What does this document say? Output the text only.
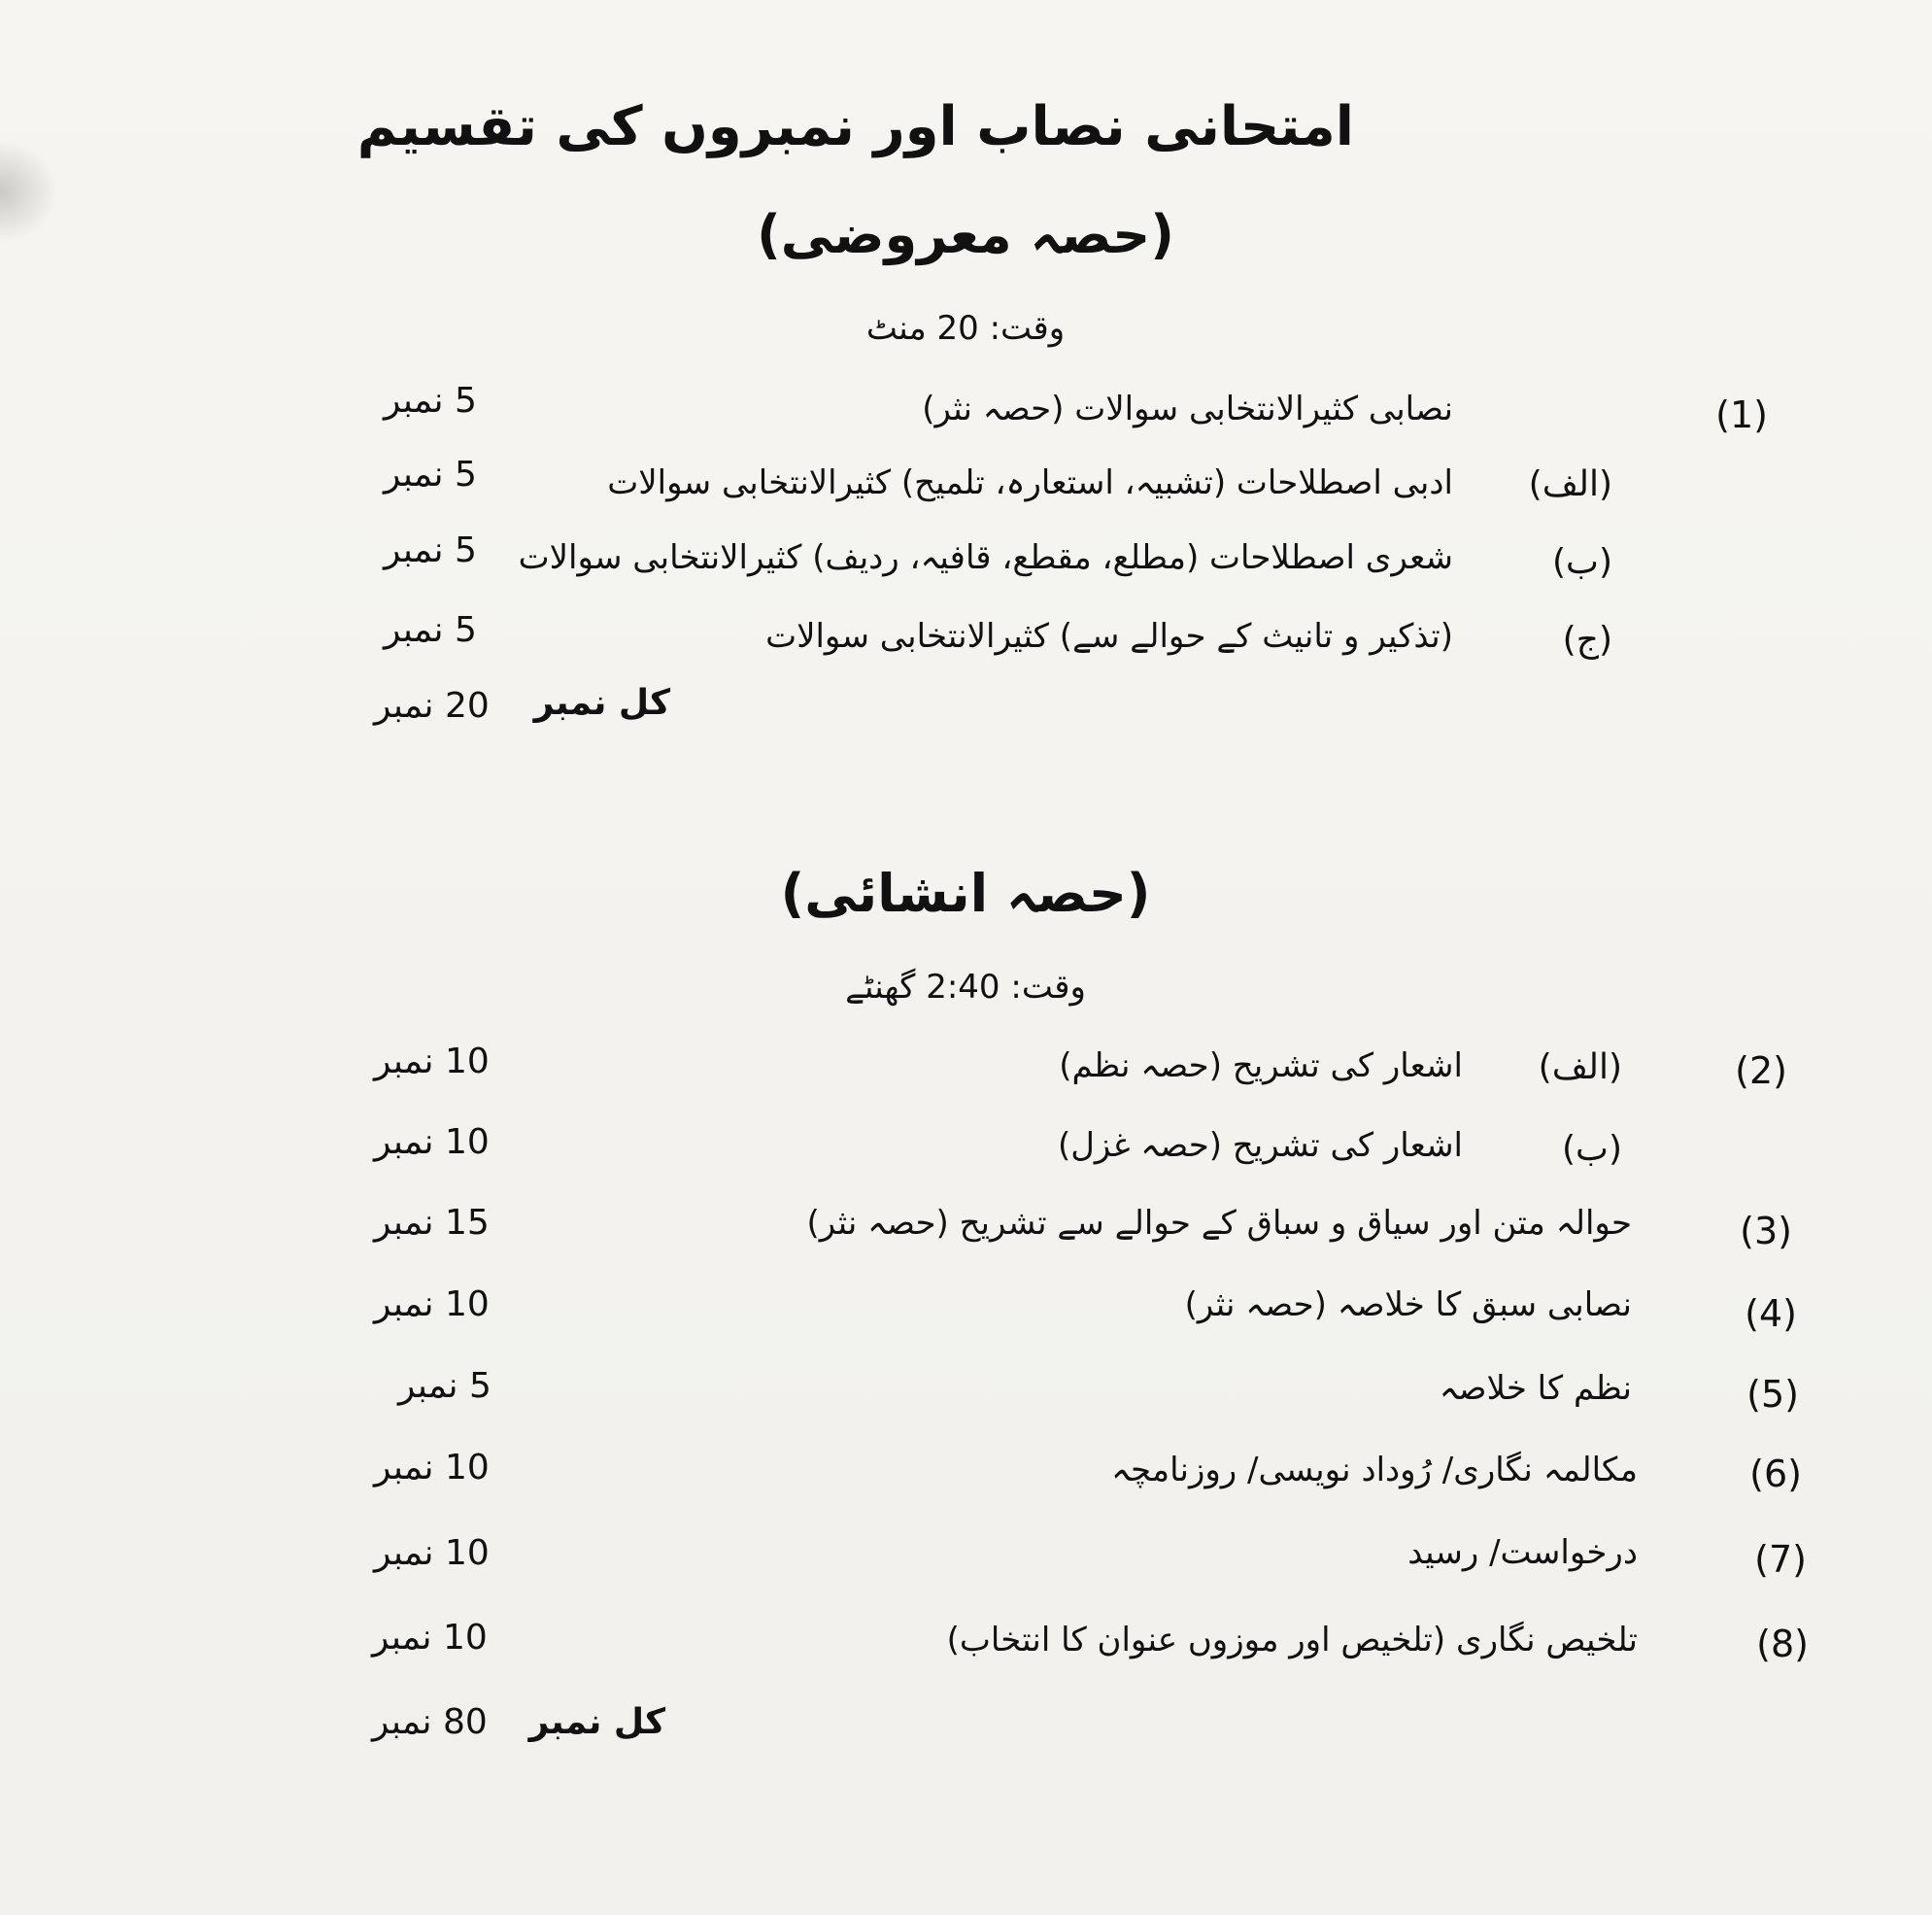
امتحانی نصاب اور نمبروں کی تقسیم
(حصہ معروضی)
وقت: 20 منٹ
(1)
نصابی کثیرالانتخابی سوالات (حصہ نثر)
5 نمبر
(الف)
ادبی اصطلاحات (تشبیہ، استعارہ، تلمیح) کثیرالانتخابی سوالات
5 نمبر
(ب)
شعری اصطلاحات (مطلع، مقطع، قافیہ، ردیف) کثیرالانتخابی سوالات
5 نمبر
(ج)
(تذکیر و تانیث کے حوالے سے) کثیرالانتخابی سوالات
5 نمبر
کل نمبر
20 نمبر
(حصہ انشائی)
وقت: 2:40 گھنٹے
(2)
(الف)
اشعار کی تشریح (حصہ نظم)
10 نمبر
(ب)
اشعار کی تشریح (حصہ غزل)
10 نمبر
(3)
حوالہ متن اور سیاق و سباق کے حوالے سے تشریح (حصہ نثر)
15 نمبر
(4)
نصابی سبق کا خلاصہ (حصہ نثر)
10 نمبر
(5)
نظم کا خلاصہ
5 نمبر
(6)
مکالمہ نگاری/ رُوداد نویسی/ روزنامچہ
10 نمبر
(7)
درخواست/ رسید
10 نمبر
(8)
تلخیص نگاری (تلخیص اور موزوں عنوان کا انتخاب)
10 نمبر
کل نمبر
80 نمبر
